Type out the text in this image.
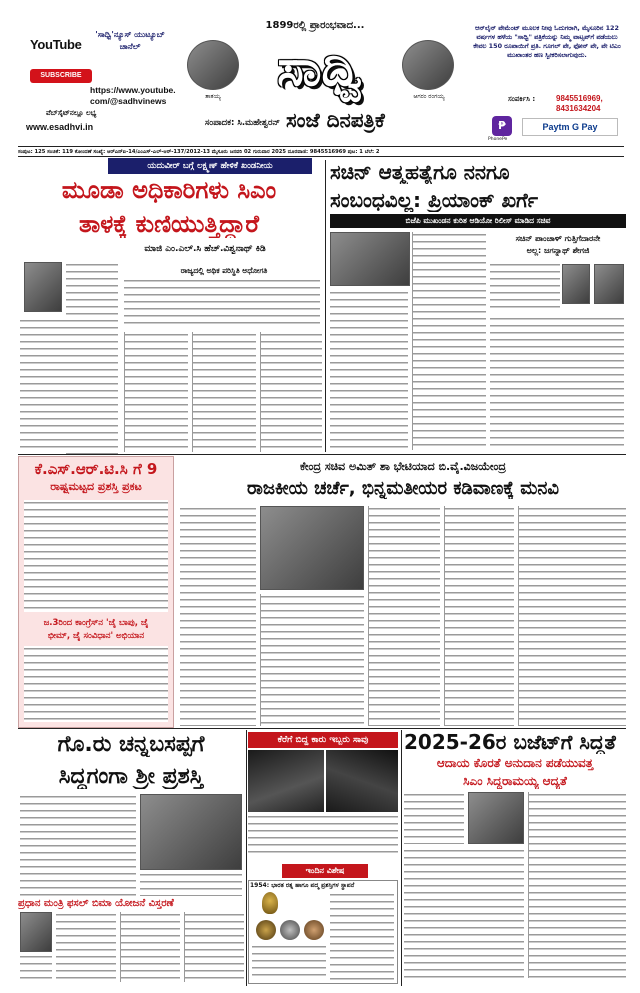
YouTube
'ಸಾಧ್ವಿ'ನ್ಯೂಸ್ ಯುಟ್ಯೂಬ್ ಚಾನೆಲ್
SUBSCRIBE
https://www.youtube.
com/@sadhvinews
ವೆಬ್‌ಸೈಟ್‌ನಲ್ಲೂ ಲಭ್ಯ
www.esadhvi.in
1899ರಲ್ಲಿ ಪ್ರಾರಂಭವಾದ...
ತಾತಯ್ಯ	ಸಾಧ್ವಿ	ಆಗರಂ ರಂಗಯ್ಯ
ಸಂಪಾದಕ: ಸಿ.ಮಹೇಶ್ವರನ್ ಸಂಜೆ ದಿನಪತ್ರಿಕೆ
ಆನ್‌ಲೈನ್ ಪೇಮೆಂಟ್ ಮೂಲಕ ನೀವು ಓದುಗರಾಗಿ, ಮೈಸೂರಿನ 122 ವರ್ಷಗಳ ಹಳೆಯ "ಸಾಧ್ವಿ" ಪತ್ರಿಕೆಯನ್ನು ನಿಮ್ಮ ವಾಟ್ಸಪ್‌ಗೆ ಪಡೆಯಲು ಕೇವಲ 150 ರೂಪಾಯಿಗೆ ಪ್ರತಿ. ಗೂಗಲ್ ಪೇ, ಫೋನ್ ಪೇ, ಪೇ ಟಿಎಂ ಮುಖಾಂತರ ಹಣ ಸ್ವೀಕರಿಸಲಾಗುವುದು.
ಸಂಪರ್ಕಿಸಿ :	9845516969,
8431634204
₱
PhonePe
Paytm G Pay
ಸಂಪುಟ: 125 ಸಂಚಿಕೆ: 119 ಕೋಂದಣೆ ಸಂಖ್ಯೆ: ಆರ್‌ಎನ್‌ಐ-14/ಎಂಎಸ್-ಎಲ್-ಆರ್-137/2012-13 ಮೈಸೂರು ಜನವರಿ 02 ಗುರುವಾರ 2025 ದೂರವಾಣಿ: 9845516969 ಪುಟ: 1 ಬೆಲೆ: 2
ಯದುವೀರ್ ಬಗ್ಗೆ ಲಕ್ಷ್ಮಣ್ ಹೇಳಿಕೆ ಖಂಡನೀಯ
ಮೂಡಾ ಅಧಿಕಾರಿಗಳು ಸಿಎಂ
ತಾಳಕ್ಕೆ ಕುಣಿಯುತ್ತಿದ್ದಾರೆ
ಮಾಜಿ ಎಂ.ಎಲ್.ಸಿ ಹೆಚ್.ವಿಶ್ವನಾಥ್ ಕಿಡಿ
ರಾಜ್ಯದಲ್ಲಿ ಅಥಿಕ ಪರಿಸ್ಥಿತಿ ಅಧೋಗತಿ
ಸಚಿನ್ ಆತ್ಮಹತ್ಯೆಗೂ ನನಗೂ
ಸಂಬಂಧವಿಲ್ಲ: ಪ್ರಿಯಾಂಕ್ ಖರ್ಗೆ
ಬಿಜೆಪಿ ಮುಖಂಡನ ಕುರಿತ ಆಡಿಯೋ ರಿಲೀಸ್ ಮಾಡಿದ ಸಚಿವ
ಸಚಿನ್ ಪಾಂಚಾಳ್ ಗುತ್ತಿಗೆದಾರನೇ
ಅಲ್ಲ: ಜಗನ್ನಾಥ್ ಶೇಗಜಿ
ಕೆ.ಎಸ್.ಆರ್.ಟಿ.ಸಿ ಗೆ 9
ರಾಷ್ಟ್ರಮಟ್ಟದ ಪ್ರಶಸ್ತಿ ಪ್ರಕಟ
ಜ.3ರಿಂದ ಕಾಂಗ್ರೆಸ್‌ನ 'ಜೈ ಬಾಪು, ಜೈ
ಭೀಮ್, ಜೈ ಸಂವಿಧಾನ' ಅಭಿಯಾನ
ಕೇಂದ್ರ ಸಚಿವ ಅಮಿತ್ ಶಾ ಭೇಟಿಯಾದ ಬಿ.ವೈ.ವಿಜಯೇಂದ್ರ
ರಾಜಕೀಯ ಚರ್ಚೆ, ಭಿನ್ನಮತೀಯರ ಕಡಿವಾಣಕ್ಕೆ ಮನವಿ
ಗೊ.ರು ಚನ್ನಬಸಪ್ಪಗೆ
ಸಿದ್ದಗಂಗಾ ಶ್ರೀ ಪ್ರಶಸ್ತಿ
ಕೆರೆಗೆ ಬಿದ್ದ ಕಾರು ಇಬ್ಬರು ಸಾವು	2025-26ರ ಬಜೆಟ್‌ಗೆ ಸಿದ್ಧತೆ
ಆದಾಯ ಕೊರತೆ ಅನುದಾನ ಪಡೆಯುವತ್ತ
ಸಿಎಂ ಸಿದ್ದರಾಮಯ್ಯ ಆದ್ಯತೆ
ಇಂದಿನ ವಿಶೇಷ
1954: ಭಾರತ ರತ್ನ ಹಾಗೂ ಪದ್ಮ ಪ್ರಶಸ್ತಿಗಳ ಸ್ಥಾಪನೆ
ಪ್ರಧಾನ ಮಂತ್ರಿ ಫಸಲ್ ಬಿಮಾ ಯೋಜನೆ ವಿಸ್ತರಣೆ
